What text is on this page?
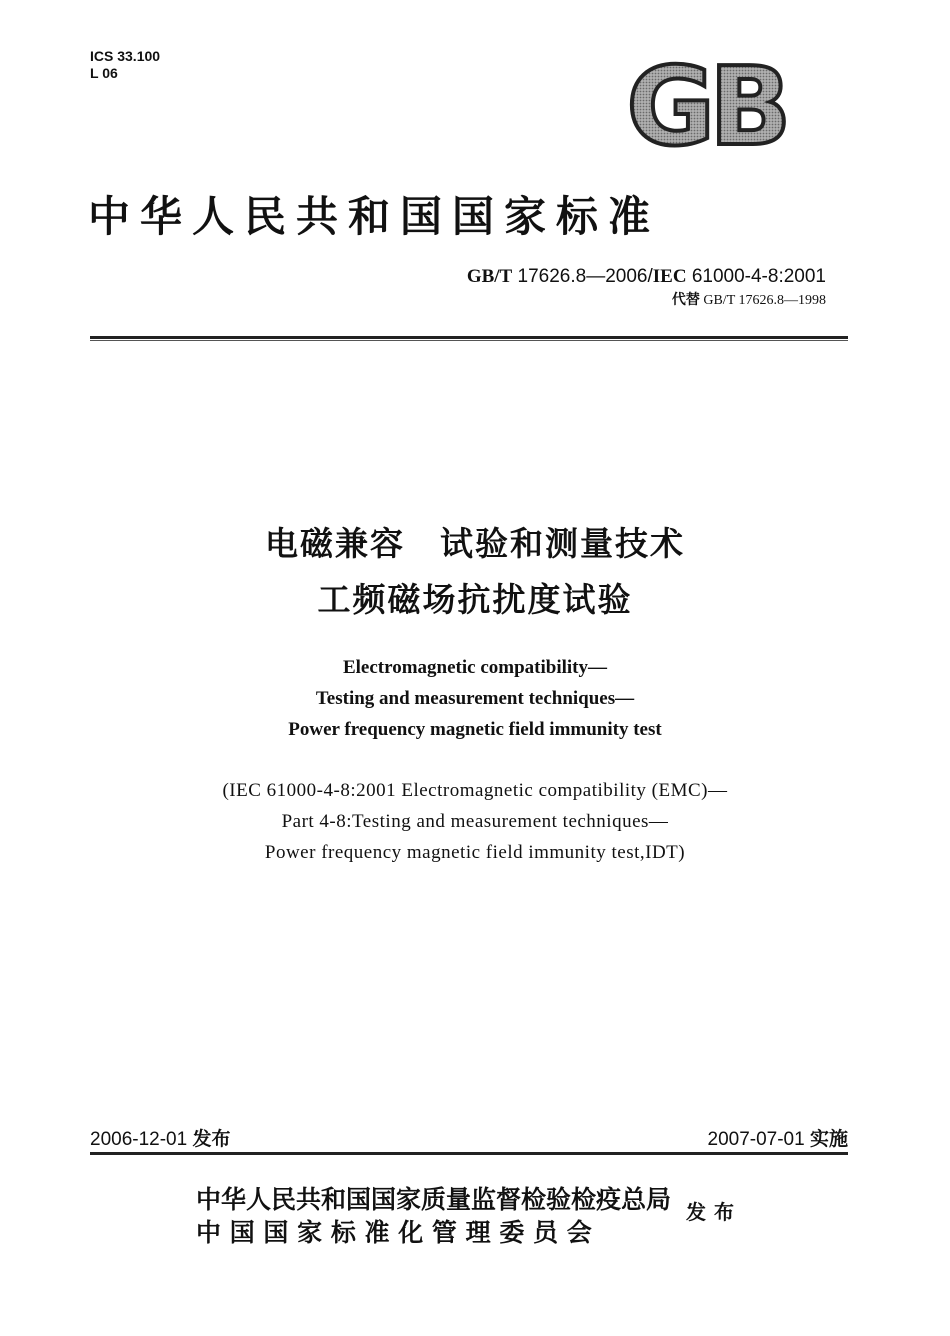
ICS 33.100
L 06	GB
中华人民共和国国家标准
GB/T 17626.8—2006/IEC 61000-4-8:2001
代替 GB/T 17626.8—1998
电磁兼容　试验和测量技术
工频磁场抗扰度试验
Electromagnetic compatibility—
Testing and measurement techniques—
Power frequency magnetic field immunity test
(IEC 61000-4-8:2001 Electromagnetic compatibility (EMC)—
Part 4-8:Testing and measurement techniques—
Power frequency magnetic field immunity test,IDT)
2006-12-01 发布	2007-07-01 实施
中华人民共和国国家质量监督检验检疫总局
中 国 国 家 标 准 化 管 理 委 员 会
发布
